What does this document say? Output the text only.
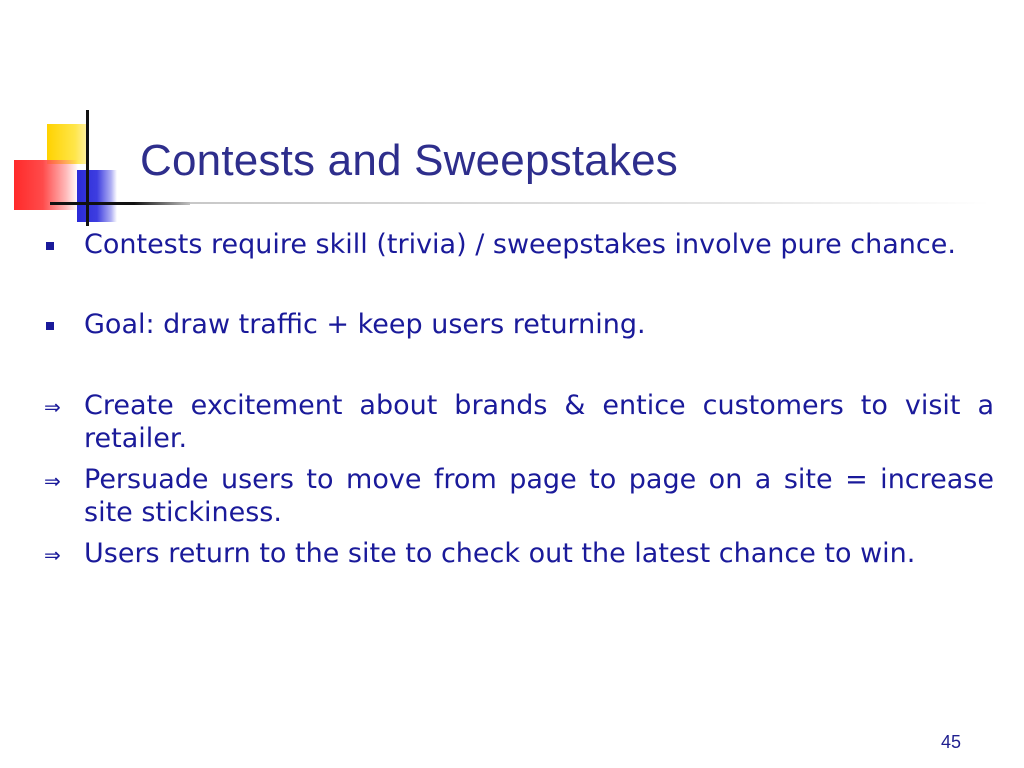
Contests and Sweepstakes
Contests require skill (trivia) / sweepstakes involve pure chance.
Goal: draw traffic + keep users returning.
⇒ Create excitement about brands & entice customers to visit a retailer.
⇒ Persuade users to move from page to page on a site = increase site stickiness.
⇒ Users return to the site to check out the latest chance to win.
45
